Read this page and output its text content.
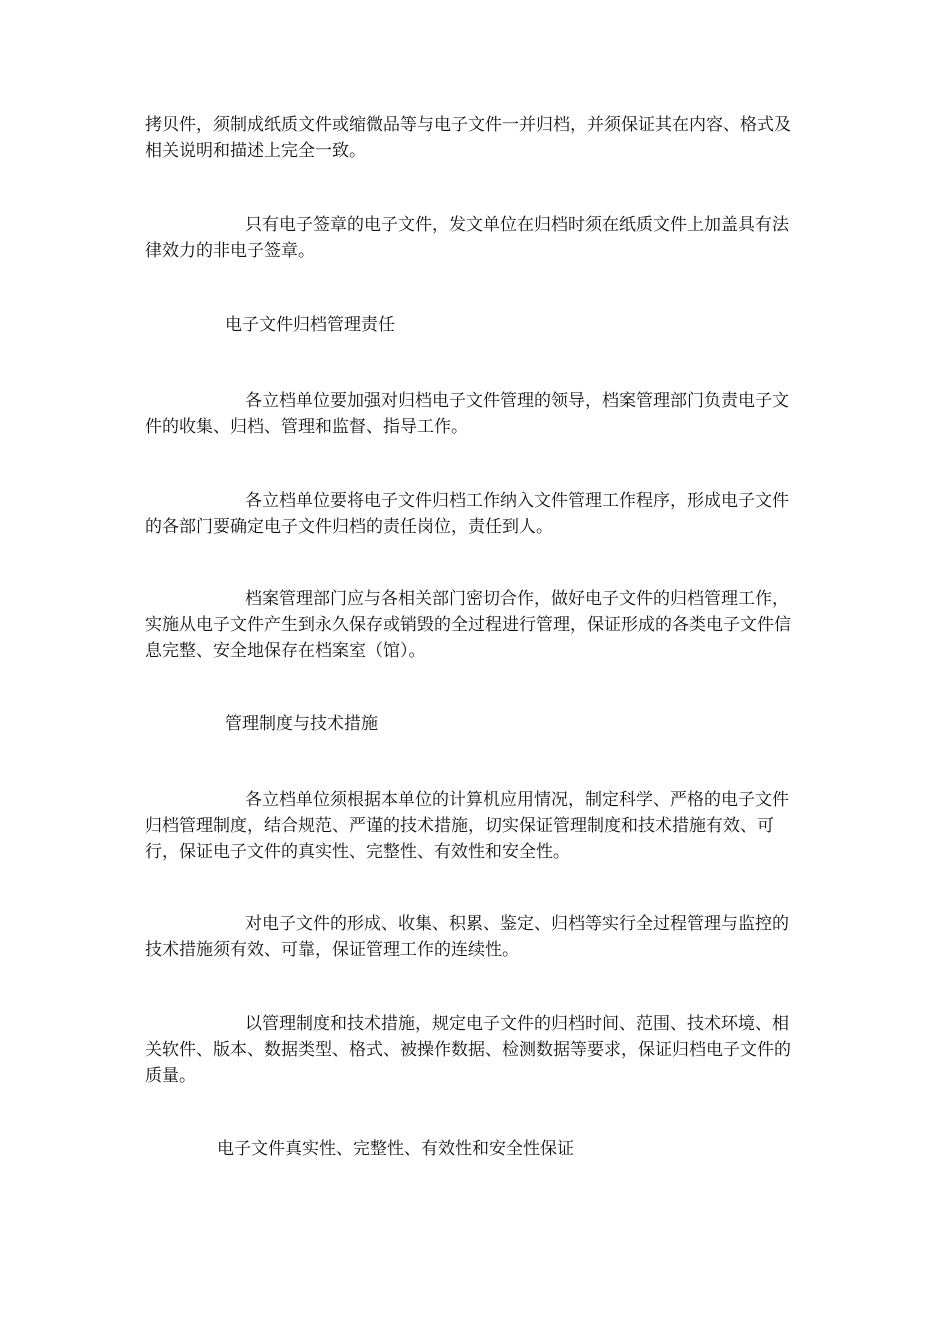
拷贝件，须制成纸质文件或缩微品等与电子文件一并归档，并须保证其在内容、格式及相关说明和描述上完全一致。

只有电子签章的电子文件，发文单位在归档时须在纸质文件上加盖具有法律效力的非电子签章。

电子文件归档管理责任

各立档单位要加强对归档电子文件管理的领导，档案管理部门负责电子文件的收集、归档、管理和监督、指导工作。

各立档单位要将电子文件归档工作纳入文件管理工作程序，形成电子文件的各部门要确定电子文件归档的责任岗位，责任到人。

档案管理部门应与各相关部门密切合作，做好电子文件的归档管理工作，实施从电子文件产生到永久保存或销毁的全过程进行管理，保证形成的各类电子文件信息完整、安全地保存在档案室（馆）。

管理制度与技术措施

各立档单位须根据本单位的计算机应用情况，制定科学、严格的电子文件归档管理制度，结合规范、严谨的技术措施，切实保证管理制度和技术措施有效、可行，保证电子文件的真实性、完整性、有效性和安全性。

对电子文件的形成、收集、积累、鉴定、归档等实行全过程管理与监控的技术措施须有效、可靠，保证管理工作的连续性。

以管理制度和技术措施，规定电子文件的归档时间、范围、技术环境、相关软件、版本、数据类型、格式、被操作数据、检测数据等要求，保证归档电子文件的质量。

电子文件真实性、完整性、有效性和安全性保证
